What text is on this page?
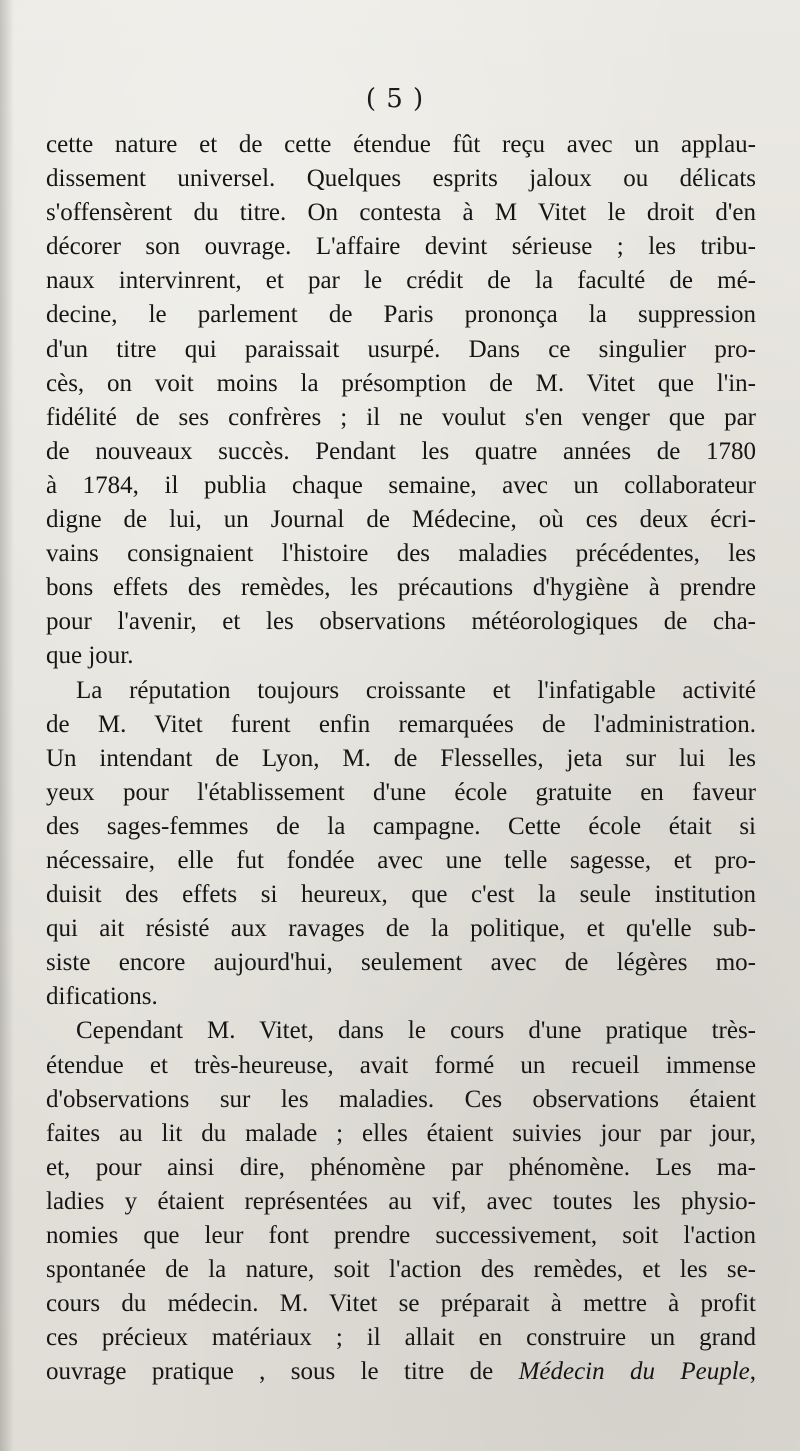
( 5 )
cette nature et de cette étendue fût reçu avec un applau-
dissement universel. Quelques esprits jaloux ou délicats
s'offensèrent du titre. On contesta à M Vitet le droit d'en
décorer son ouvrage. L'affaire devint sérieuse ; les tribu-
naux intervinrent, et par le crédit de la faculté de mé-
decine, le parlement de Paris prononça la suppression
d'un titre qui paraissait usurpé. Dans ce singulier pro-
cès, on voit moins la présomption de M. Vitet que l'in-
fidélité de ses confrères ; il ne voulut s'en venger que par
de nouveaux succès. Pendant les quatre années de 1780
à 1784, il publia chaque semaine, avec un collaborateur
digne de lui, un Journal de Médecine, où ces deux écri-
vains consignaient l'histoire des maladies précédentes, les
bons effets des remèdes, les précautions d'hygiène à prendre
pour l'avenir, et les observations météorologiques de cha-
que jour.
La réputation toujours croissante et l'infatigable activité
de M. Vitet furent enfin remarquées de l'administration.
Un intendant de Lyon, M. de Flesselles, jeta sur lui les
yeux pour l'établissement d'une école gratuite en faveur
des sages-femmes de la campagne. Cette école était si
nécessaire, elle fut fondée avec une telle sagesse, et pro-
duisit des effets si heureux, que c'est la seule institution
qui ait résisté aux ravages de la politique, et qu'elle sub-
siste encore aujourd'hui, seulement avec de légères mo-
difications.
Cependant M. Vitet, dans le cours d'une pratique très-
étendue et très-heureuse, avait formé un recueil immense
d'observations sur les maladies. Ces observations étaient
faites au lit du malade ; elles étaient suivies jour par jour,
et, pour ainsi dire, phénomène par phénomène. Les ma-
ladies y étaient représentées au vif, avec toutes les physio-
nomies que leur font prendre successivement, soit l'action
spontanée de la nature, soit l'action des remèdes, et les se-
cours du médecin. M. Vitet se préparait à mettre à profit
ces précieux matériaux ; il allait en construire un grand
ouvrage pratique , sous le titre de Médecin du Peuple,
